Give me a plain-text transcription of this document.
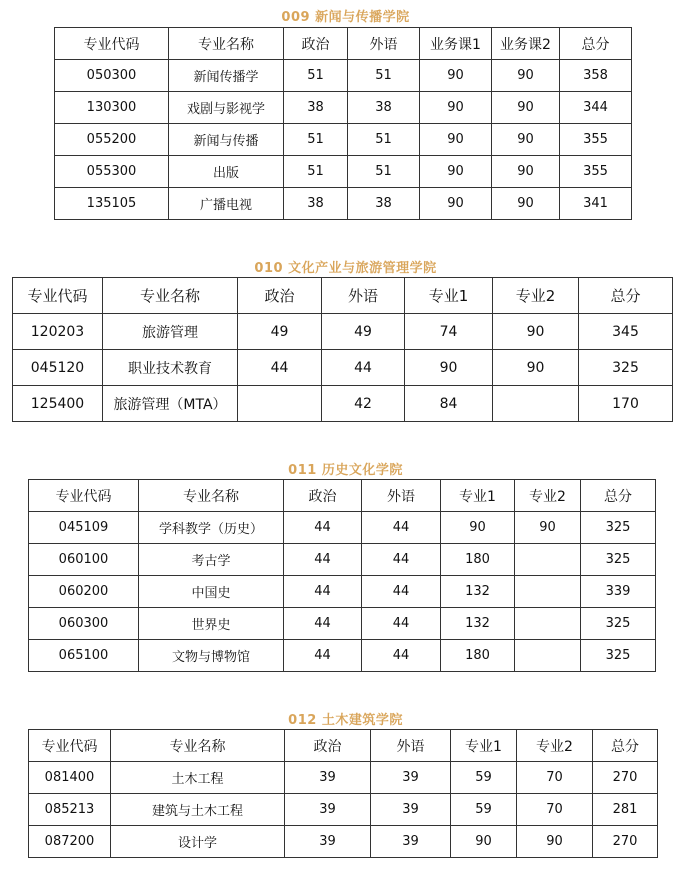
009 新闻与传播学院
专业代码	专业名称	政治	外语	业务课1	业务课2	总分
050300	新闻传播学	51	51	90	90	358
130300	戏剧与影视学	38	38	90	90	344
055200	新闻与传播	51	51	90	90	355
055300	出版	51	51	90	90	355
135105	广播电视	38	38	90	90	341
010 文化产业与旅游管理学院
专业代码	专业名称	政治	外语	专业1	专业2	总分
120203	旅游管理	49	49	74	90	345
045120	职业技术教育	44	44	90	90	325
125400	旅游管理（MTA）		42	84		170
011 历史文化学院
专业代码	专业名称	政治	外语	专业1	专业2	总分
045109	学科教学（历史）	44	44	90	90	325
060100	考古学	44	44	180		325
060200	中国史	44	44	132		339
060300	世界史	44	44	132		325
065100	文物与博物馆	44	44	180		325
012 土木建筑学院
专业代码	专业名称	政治	外语	专业1	专业2	总分
081400	土木工程	39	39	59	70	270
085213	建筑与土木工程	39	39	59	70	281
087200	设计学	39	39	90	90	270
